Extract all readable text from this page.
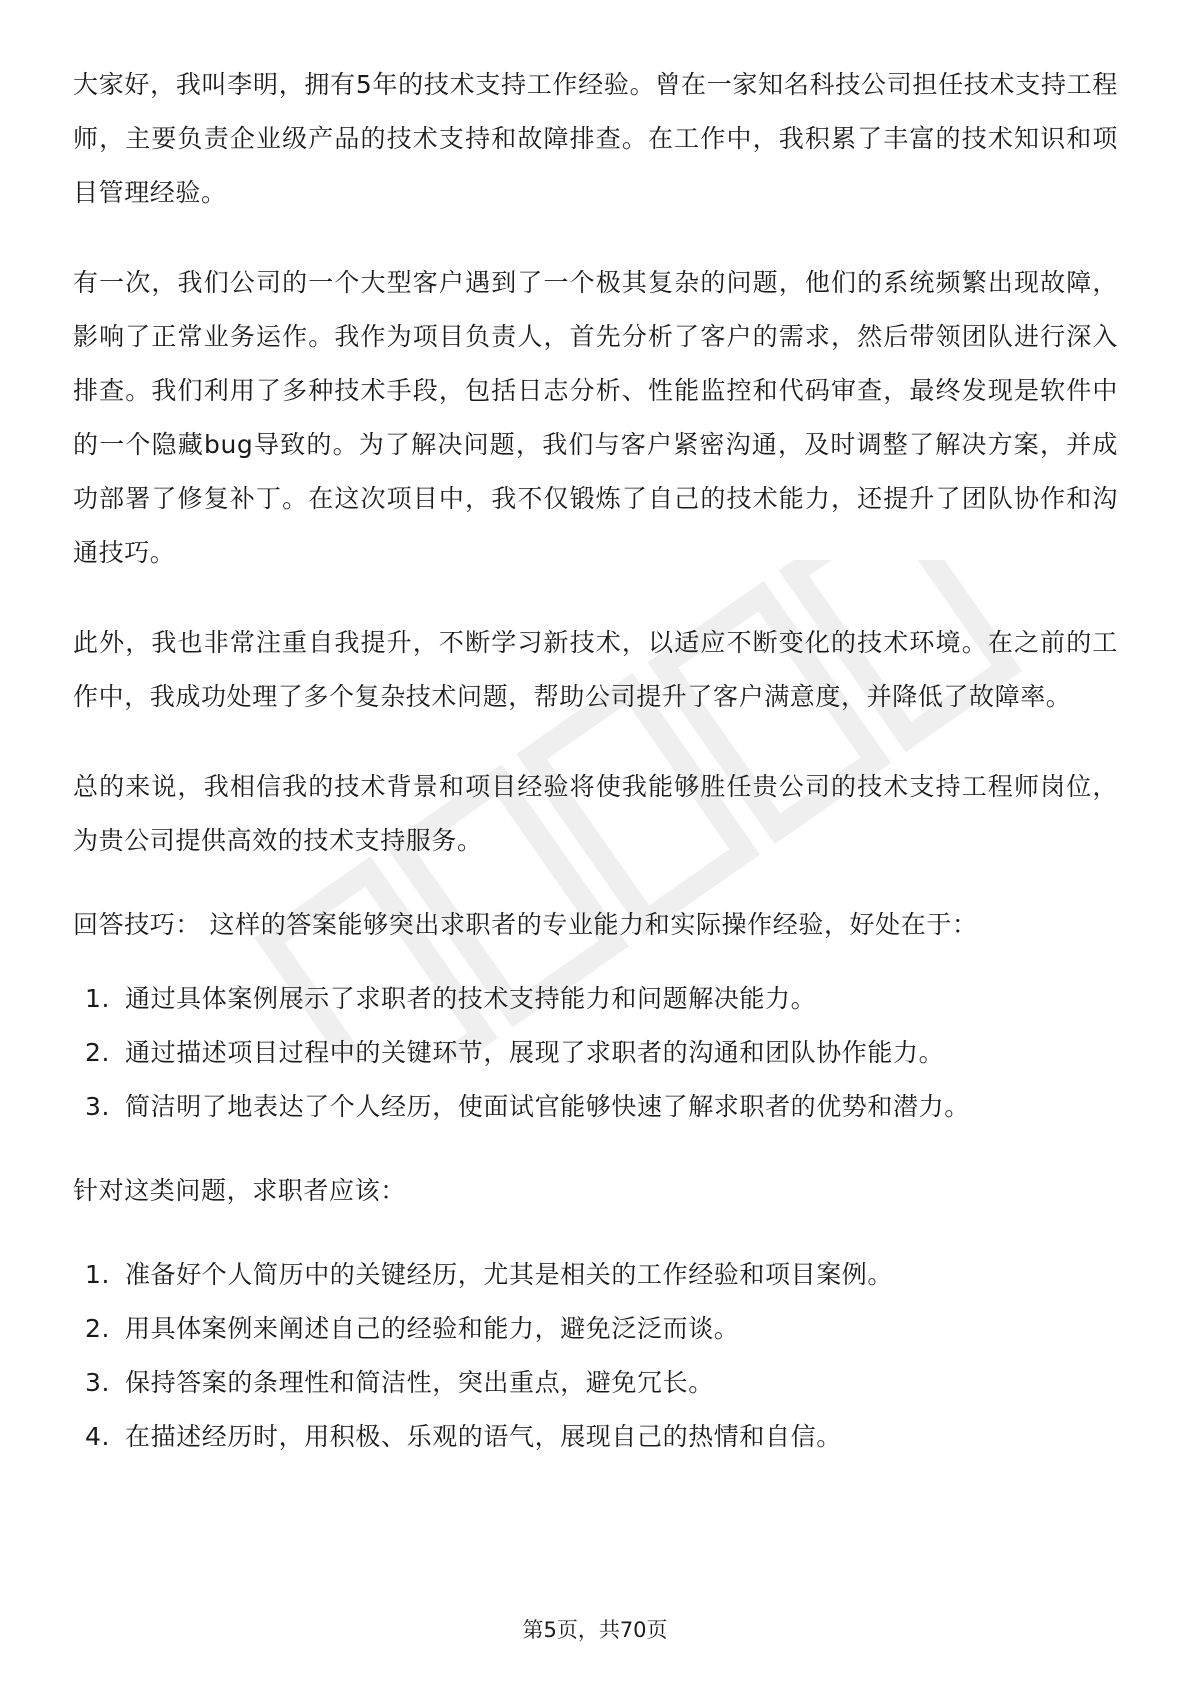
大家好，我叫李明，拥有5年的技术支持工作经验。曾在一家知名科技公司担任技术支持工程师，主要负责企业级产品的技术支持和故障排查。在工作中，我积累了丰富的技术知识和项目管理经验。

有一次，我们公司的一个大型客户遇到了一个极其复杂的问题，他们的系统频繁出现故障，影响了正常业务运作。我作为项目负责人，首先分析了客户的需求，然后带领团队进行深入排查。我们利用了多种技术手段，包括日志分析、性能监控和代码审查，最终发现是软件中的一个隐藏bug导致的。为了解决问题，我们与客户紧密沟通，及时调整了解决方案，并成功部署了修复补丁。在这次项目中，我不仅锻炼了自己的技术能力，还提升了团队协作和沟通技巧。

此外，我也非常注重自我提升，不断学习新技术，以适应不断变化的技术环境。在之前的工作中，我成功处理了多个复杂技术问题，帮助公司提升了客户满意度，并降低了故障率。

总的来说，我相信我的技术背景和项目经验将使我能够胜任贵公司的技术支持工程师岗位，为贵公司提供高效的技术支持服务。

回答技巧： 这样的答案能够突出求职者的专业能力和实际操作经验，好处在于：

1. 通过具体案例展示了求职者的技术支持能力和问题解决能力。
2. 通过描述项目过程中的关键环节，展现了求职者的沟通和团队协作能力。
3. 简洁明了地表达了个人经历，使面试官能够快速了解求职者的优势和潜力。

针对这类问题，求职者应该：

1. 准备好个人简历中的关键经历，尤其是相关的工作经验和项目案例。
2. 用具体案例来阐述自己的经验和能力，避免泛泛而谈。
3. 保持答案的条理性和简洁性，突出重点，避免冗长。
4. 在描述经历时，用积极、乐观的语气，展现自己的热情和自信。
第5页，共70页
